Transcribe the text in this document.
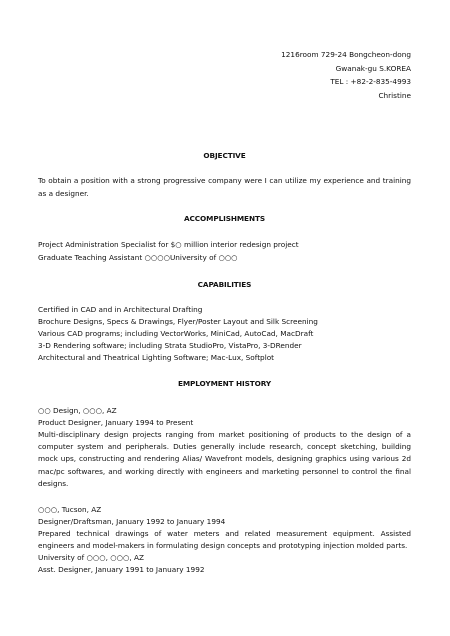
1216room 729-24 Bongcheon-dong
Gwanak-gu S.KOREA
TEL : +82-2-835-4993
Christine
OBJECTIVE
To obtain a position with a strong progressive company were I can utilize my experience and training as a designer.
ACCOMPLISHMENTS
Project Administration Specialist for $○ million interior redesign project
Graduate Teaching Assistant ○○○○University of ○○○
CAPABILITIES
Certified in CAD and in Architectural Drafting
Brochure Designs, Specs & Drawings, Flyer/Poster Layout and Silk Screening
Various CAD programs; including VectorWorks, MiniCad, AutoCad, MacDraft
3-D Rendering software; including Strata StudioPro, VistaPro, 3-DRender
Architectural and Theatrical Lighting Software; Mac-Lux, Softplot
EMPLOYMENT HISTORY
○○ Design, ○○○, AZ
Product Designer, January 1994 to Present
Multi-disciplinary design projects ranging from market positioning of products to the design of a computer system and peripherals. Duties generally include research, concept sketching, building mock ups, constructing and rendering Alias/ Wavefront models, designing graphics using various 2d mac/pc softwares, and working directly with engineers and marketing personnel to control the final designs.
○○○, Tucson, AZ
Designer/Draftsman, January 1992 to January 1994
Prepared technical drawings of water meters and related measurement equipment. Assisted engineers and model-makers in formulating design concepts and prototyping injection molded parts.
University of ○○○, ○○○, AZ
Asst. Designer, January 1991 to January 1992
